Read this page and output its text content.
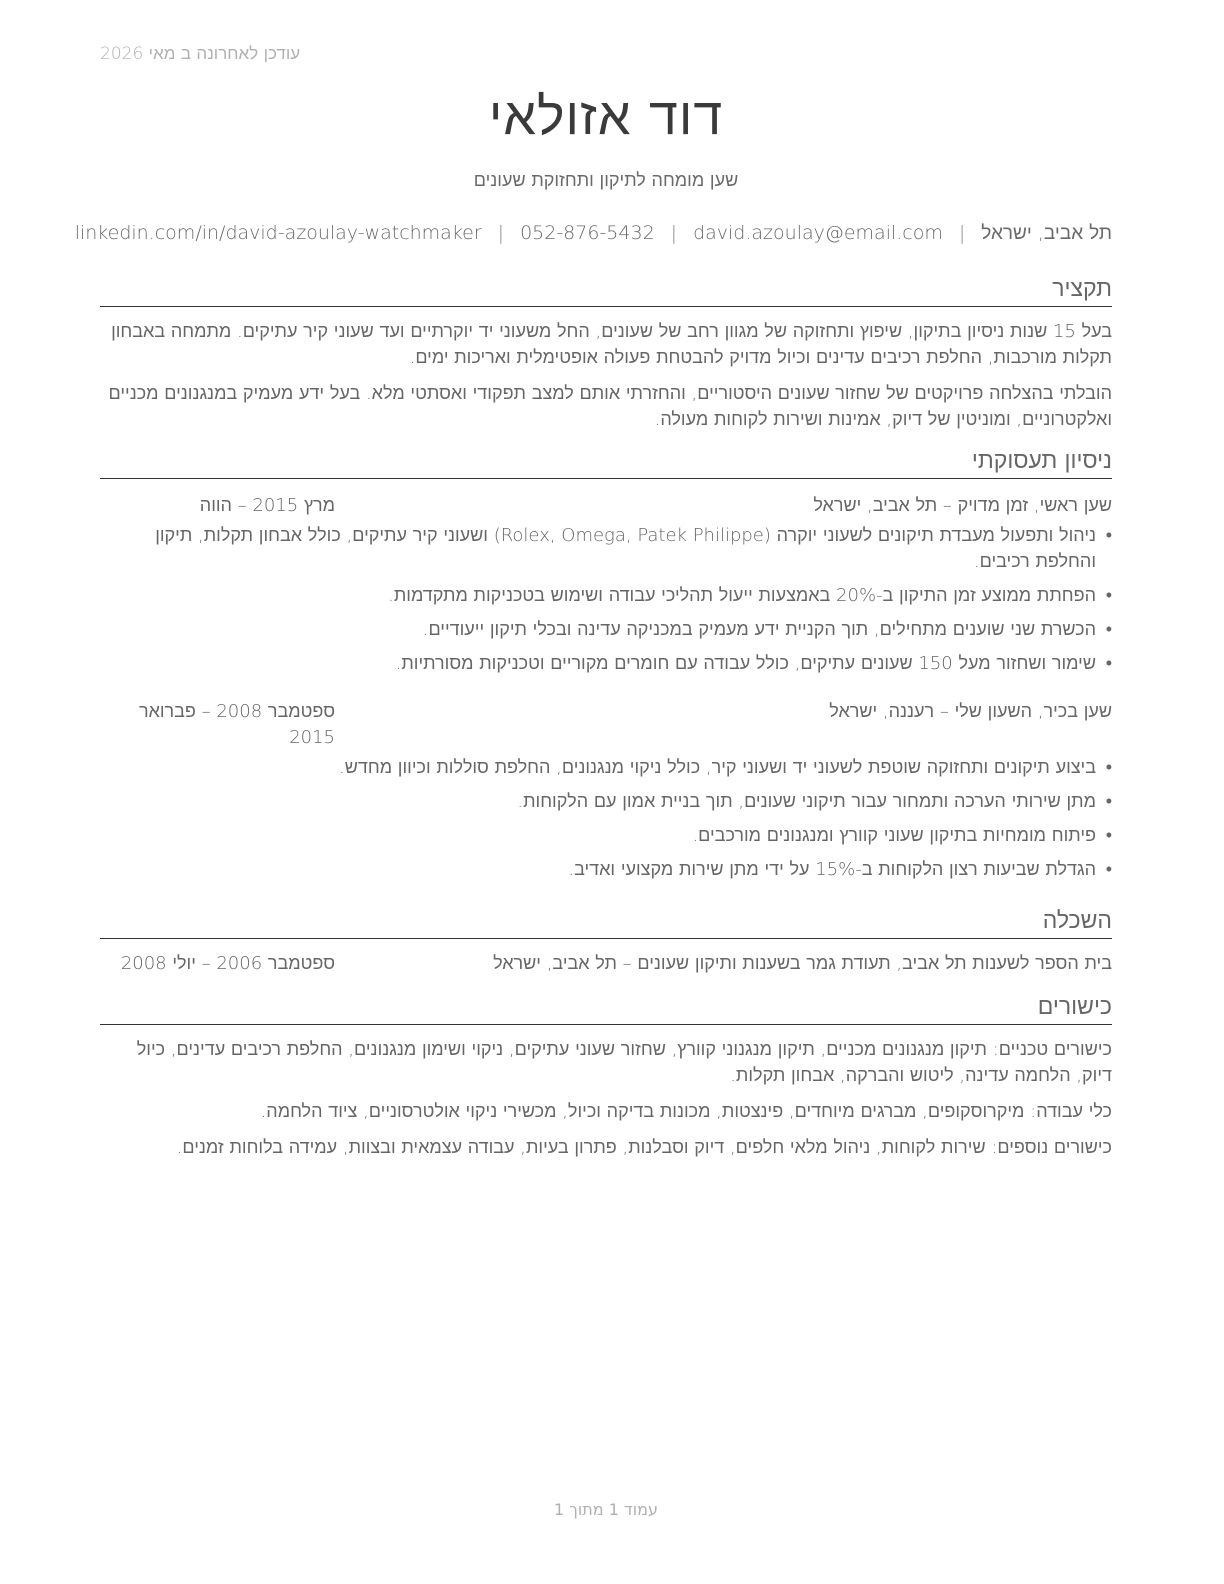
עודכן לאחרונה ב מאי 2026
דוד אזולאי
שען מומחה לתיקון ותחזוקת שעונים
תל אביב, ישראל|david.azoulay@email.com|052-876-5432|linkedin.com/in/david-azoulay-watchmaker
תקציר

בעל 15 שנות ניסיון בתיקון, שיפוץ ותחזוקה של מגוון רחב של שעונים, החל משעוני יד יוקרתיים ועד שעוני קיר עתיקים. מתמחה באבחון תקלות מורכבות, החלפת רכיבים עדינים וכיול מדויק להבטחת פעולה אופטימלית ואריכות ימים.

הובלתי בהצלחה פרויקטים של שחזור שעונים היסטוריים, והחזרתי אותם למצב תפקודי ואסתטי מלא. בעל ידע מעמיק במנגנונים מכניים ואלקטרוניים, ומוניטין של דיוק, אמינות ושירות לקוחות מעולה.

ניסיון תעסוקתי
שען ראשי, זמן מדויק – תל אביב, ישראל
מרץ 2015 – הווה
• ניהול ותפעול מעבדת תיקונים לשעוני יוקרה (Rolex, Omega, Patek Philippe) ושעוני קיר עתיקים, כולל אבחון תקלות, תיקון והחלפת רכיבים.
• הפחתת ממוצע זמן התיקון ב-20% באמצעות ייעול תהליכי עבודה ושימוש בטכניקות מתקדמות.
• הכשרת שני שוענים מתחילים, תוך הקניית ידע מעמיק במכניקה עדינה ובכלי תיקון ייעודיים.
• שימור ושחזור מעל 150 שעונים עתיקים, כולל עבודה עם חומרים מקוריים וטכניקות מסורתיות.
שען בכיר, השעון שלי – רעננה, ישראל
ספטמבר 2008 – פברואר 2015
• ביצוע תיקונים ותחזוקה שוטפת לשעוני יד ושעוני קיר, כולל ניקוי מנגנונים, החלפת סוללות וכיוון מחדש.
• מתן שירותי הערכה ותמחור עבור תיקוני שעונים, תוך בניית אמון עם הלקוחות.
• פיתוח מומחיות בתיקון שעוני קוורץ ומנגנונים מורכבים.
• הגדלת שביעות רצון הלקוחות ב-15% על ידי מתן שירות מקצועי ואדיב.
השכלה
בית הספר לשענות תל אביב, תעודת גמר בשענות ותיקון שעונים – תל אביב, ישראל
ספטמבר 2006 – יולי 2008
כישורים

כישורים טכניים: תיקון מנגנונים מכניים, תיקון מנגנוני קוורץ, שחזור שעוני עתיקים, ניקוי ושימון מנגנונים, החלפת רכיבים עדינים, כיול דיוק, הלחמה עדינה, ליטוש והברקה, אבחון תקלות.

כלי עבודה: מיקרוסקופים, מברגים מיוחדים, פינצטות, מכונות בדיקה וכיול, מכשירי ניקוי אולטרסוניים, ציוד הלחמה.

כישורים נוספים: שירות לקוחות, ניהול מלאי חלפים, דיוק וסבלנות, פתרון בעיות, עבודה עצמאית ובצוות, עמידה בלוחות זמנים.

עמוד 1 מתוך 1
